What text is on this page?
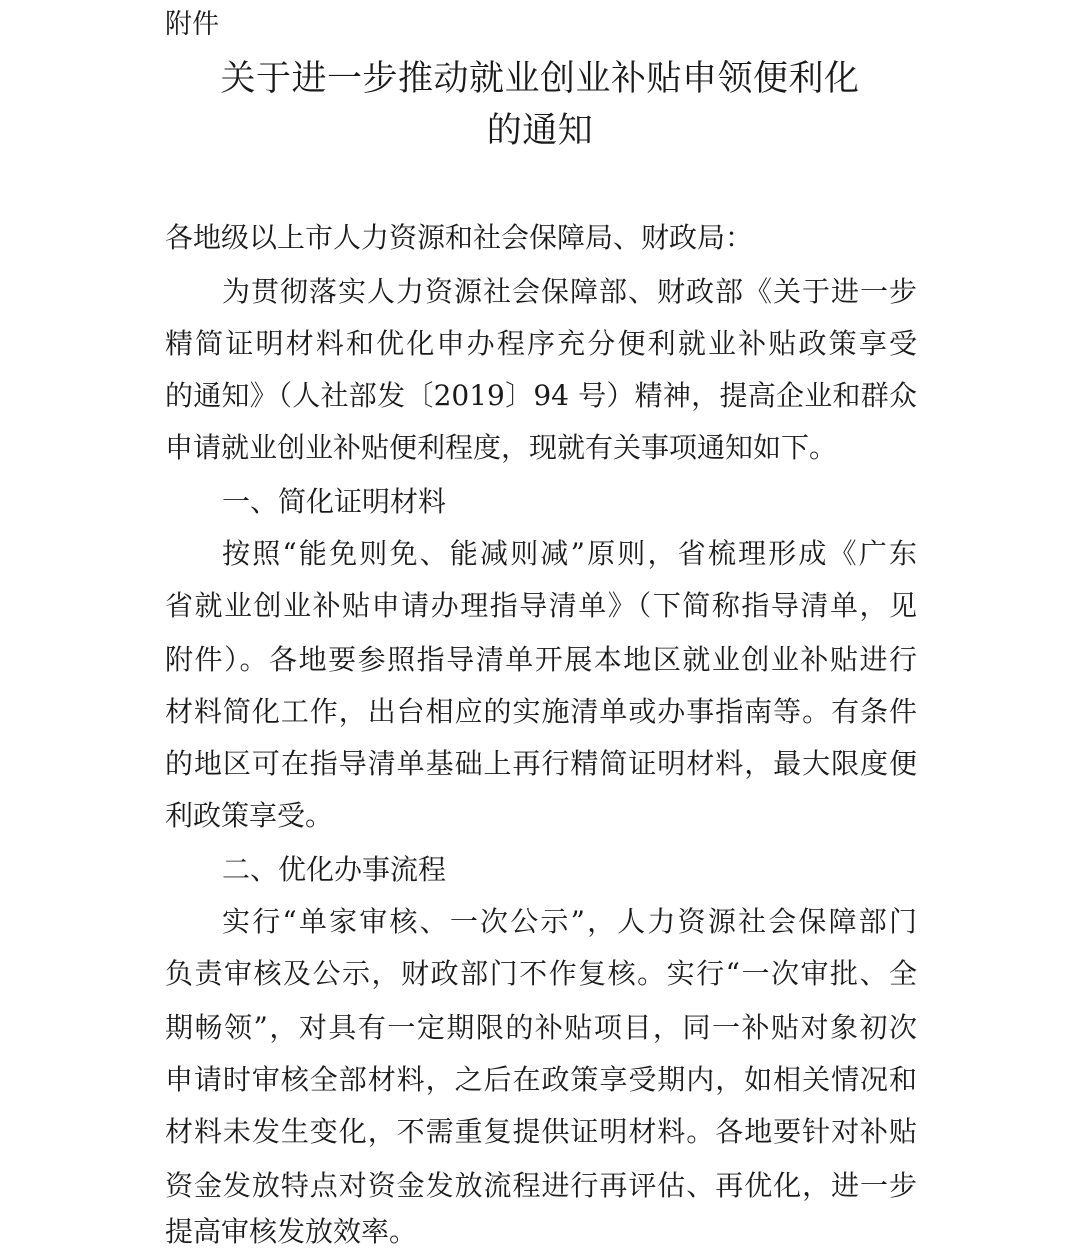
附件
关于进一步推动就业创业补贴申领便利化
的通知
各地级以上市人力资源和社会保障局、财政局：
为贯彻落实人力资源社会保障部、财政部《关于进一步
精简证明材料和优化申办程序充分便利就业补贴政策享受
的通知》（人社部发〔2019〕94 号）精神，提高企业和群众
申请就业创业补贴便利程度，现就有关事项通知如下。
一、简化证明材料
按照“能免则免、能减则减”原则，省梳理形成《广东
省就业创业补贴申请办理指导清单》（下简称指导清单，见
附件）。各地要参照指导清单开展本地区就业创业补贴进行
材料简化工作，出台相应的实施清单或办事指南等。有条件
的地区可在指导清单基础上再行精简证明材料，最大限度便
利政策享受。
二、优化办事流程
实行“单家审核、一次公示”，人力资源社会保障部门
负责审核及公示，财政部门不作复核。实行“一次审批、全
期畅领”，对具有一定期限的补贴项目，同一补贴对象初次
申请时审核全部材料，之后在政策享受期内，如相关情况和
材料未发生变化，不需重复提供证明材料。各地要针对补贴
资金发放特点对资金发放流程进行再评估、再优化，进一步
提高审核发放效率。
